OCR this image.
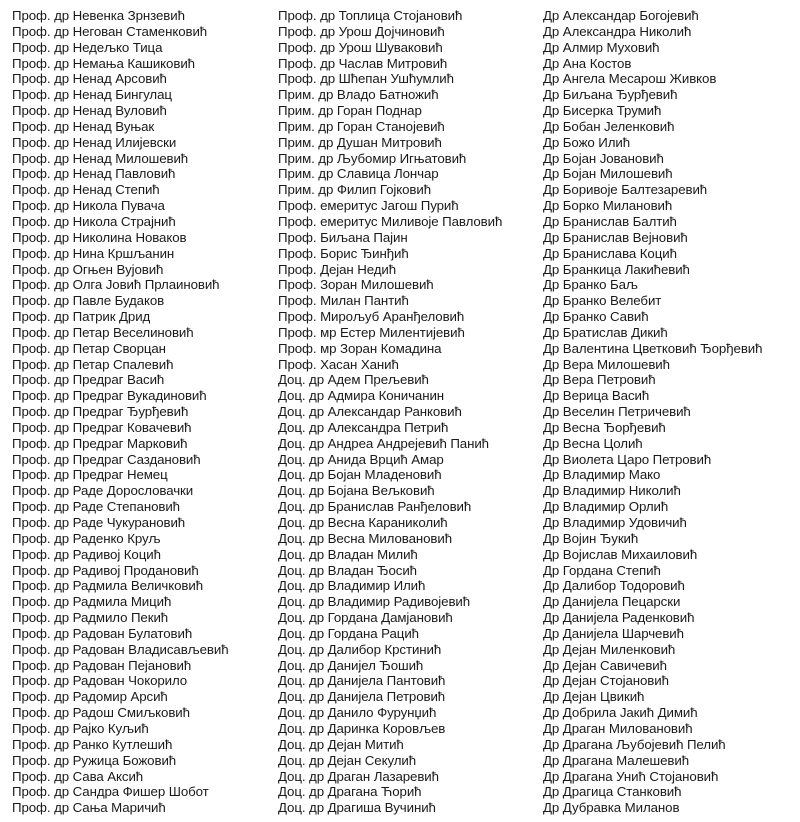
Проф. др Невенка Зрнзевић
Проф. др Негован Стаменковић
Проф. др Недељко Тица
Проф. др Немања Кашиковић
Проф. др Ненад Арсовић
Проф. др Ненад Бингулац
Проф. др Ненад Вуловић
Проф. др Ненад Вуњак
Проф. др Ненад Илијевски
Проф. др Ненад Милошевић
Проф. др Ненад Павловић
Проф. др Ненад Степић
Проф. др Никола Пувача
Проф. др Никола Страјнић
Проф. др Николина Новаков
Проф. др Нина Кршљанин
Проф. др Огњен Вујовић
Проф. др Олга Јовић Прлаиновић
Проф. др Павле Будаков
Проф. др Патрик Дрид
Проф. др Петар Веселиновић
Проф. др Петар Сворцан
Проф. др Петар Спалевић
Проф. др Предраг Васић
Проф. др Предраг Вукадиновић
Проф. др Предраг Ђурђевић
Проф. др Предраг Ковачевић
Проф. др Предраг Марковић
Проф. др Предраг Саздановић
Проф. др Предраг Немец
Проф. др Раде Дорословачки
Проф. др Раде Степановић
Проф. др Раде Чукурановић
Проф. др Раденко Круљ
Проф. др Радивој Коцић
Проф. др Радивој Продановић
Проф. др Радмила Величковић
Проф. др Радмила Мицић
Проф. др Радмило Пекић
Проф. др Радован Булатовић
Проф. др Радован Владисављевић
Проф. др Радован Пејановић
Проф. др Радован Чокорило
Проф. др Радомир Арсић
Проф. др Радош Смиљковић
Проф. др Рајко Куљић
Проф. др Ранко Кутлешић
Проф. др Ружица Божовић
Проф. др Сава Аксић
Проф. др Сандра Фишер Шобот
Проф. др Сања Маричић
Проф. др Топлица Стојановић
Проф. др Урош Дојчиновић
Проф. др Урош Шуваковић
Проф. др Часлав Митровић
Проф. др Шћепан Ушћумлић
Прим. др Владо Батножић
Прим. др Горан Поднар
Прим. др Горан Станојевић
Прим. др Душан Митровић
Прим. др Љубомир Игњатовић
Прим. др Славица Лончар
Прим. др Филип Гојковић
Проф. емеритус Јагош Пурић
Проф. емеритус Миливоје Павловић
Проф. Биљана Пајин
Проф. Борис Ђинђић
Проф. Дејан Недић
Проф. Зоран Милошевић
Проф. Милан Пантић
Проф. Мирољуб Аранђеловић
Проф. мр Естер Милентијевић
Проф. мр Зоран Комадина
Проф. Хасан Ханић
Доц. др Адем Прељевић
Доц. др Адмира Коничанин
Доц. др Александар Ранковић
Доц. др Александра Петрић
Доц. др Андреа Андрејевић Панић
Доц. др Анида Врцић Амар
Доц. др Бојан Младеновић
Доц. др Бојана Вељковић
Доц. др Бранислав Ранђеловић
Доц. др Весна Караниколић
Доц. др Весна Миловановић
Доц. др Владан Милић
Доц. др Владан Ђосић
Доц. др Владимир Илић
Доц. др Владимир Радивојевић
Доц. др Гордана Дамјановић
Доц. др Гордана Рацић
Доц. др Далибор Крстинић
Доц. др Данијел Ђошић
Доц. др Данијела Пантовић
Доц. др Данијела Петровић
Доц. др Данило Фурунџић
Доц. др Даринка Коровљев
Доц. др Дејан Митић
Доц. др Дејан Секулић
Доц. др Драган Лазаревић
Доц. др Драгана Ћорић
Доц. др Драгиша Вучинић
Др Александар Богојевић
Др Александра Николић
Др Алмир Муховић
Др Ана Костов
Др Ангела Месарош Живков
Др Биљана Ђурђевић
Др Бисерка Трумић
Др Бобан Јеленковић
Др Божо Илић
Др Бојан Јовановић
Др Бојан Милошевић
Др Боривоје Балтезаревић
Др Борко Милановић
Др Бранислав Балтић
Др Бранислав Вејновић
Др Бранислава Коцић
Др Бранкица Лакићевић
Др Бранко Баљ
Др Бранко Велебит
Др Бранко Савић
Др Братислав Дикић
Др Валентина Цветковић Ђорђевић
Др Вера Милошевић
Др Вера Петровић
Др Верица Васић
Др Веселин Петричевић
Др Весна Ђорђевић
Др Весна Цолић
Др Виолета Царо Петровић
Др Владимир Мако
Др Владимир Николић
Др Владимир Орлић
Др Владимир Удовичић
Др Војин Ђукић
Др Војислав Михаиловић
Др Гордана Степић
Др Далибор Тодоровић
Др Данијела Пецарски
Др Данијела Раденковић
Др Данијела Шарчевић
Др Дејан Миленковић
Др Дејан Савичевић
Др Дејан Стојановић
Др Дејан Цвикић
Др Добрила Јакић Димић
Др Драган Миловановић
Др Драгана Љубојевић Пелић
Др Драгана Малешевић
Др Драгана Унић Стојановић
Др Драгица Станковић
Др Дубравка Миланов
